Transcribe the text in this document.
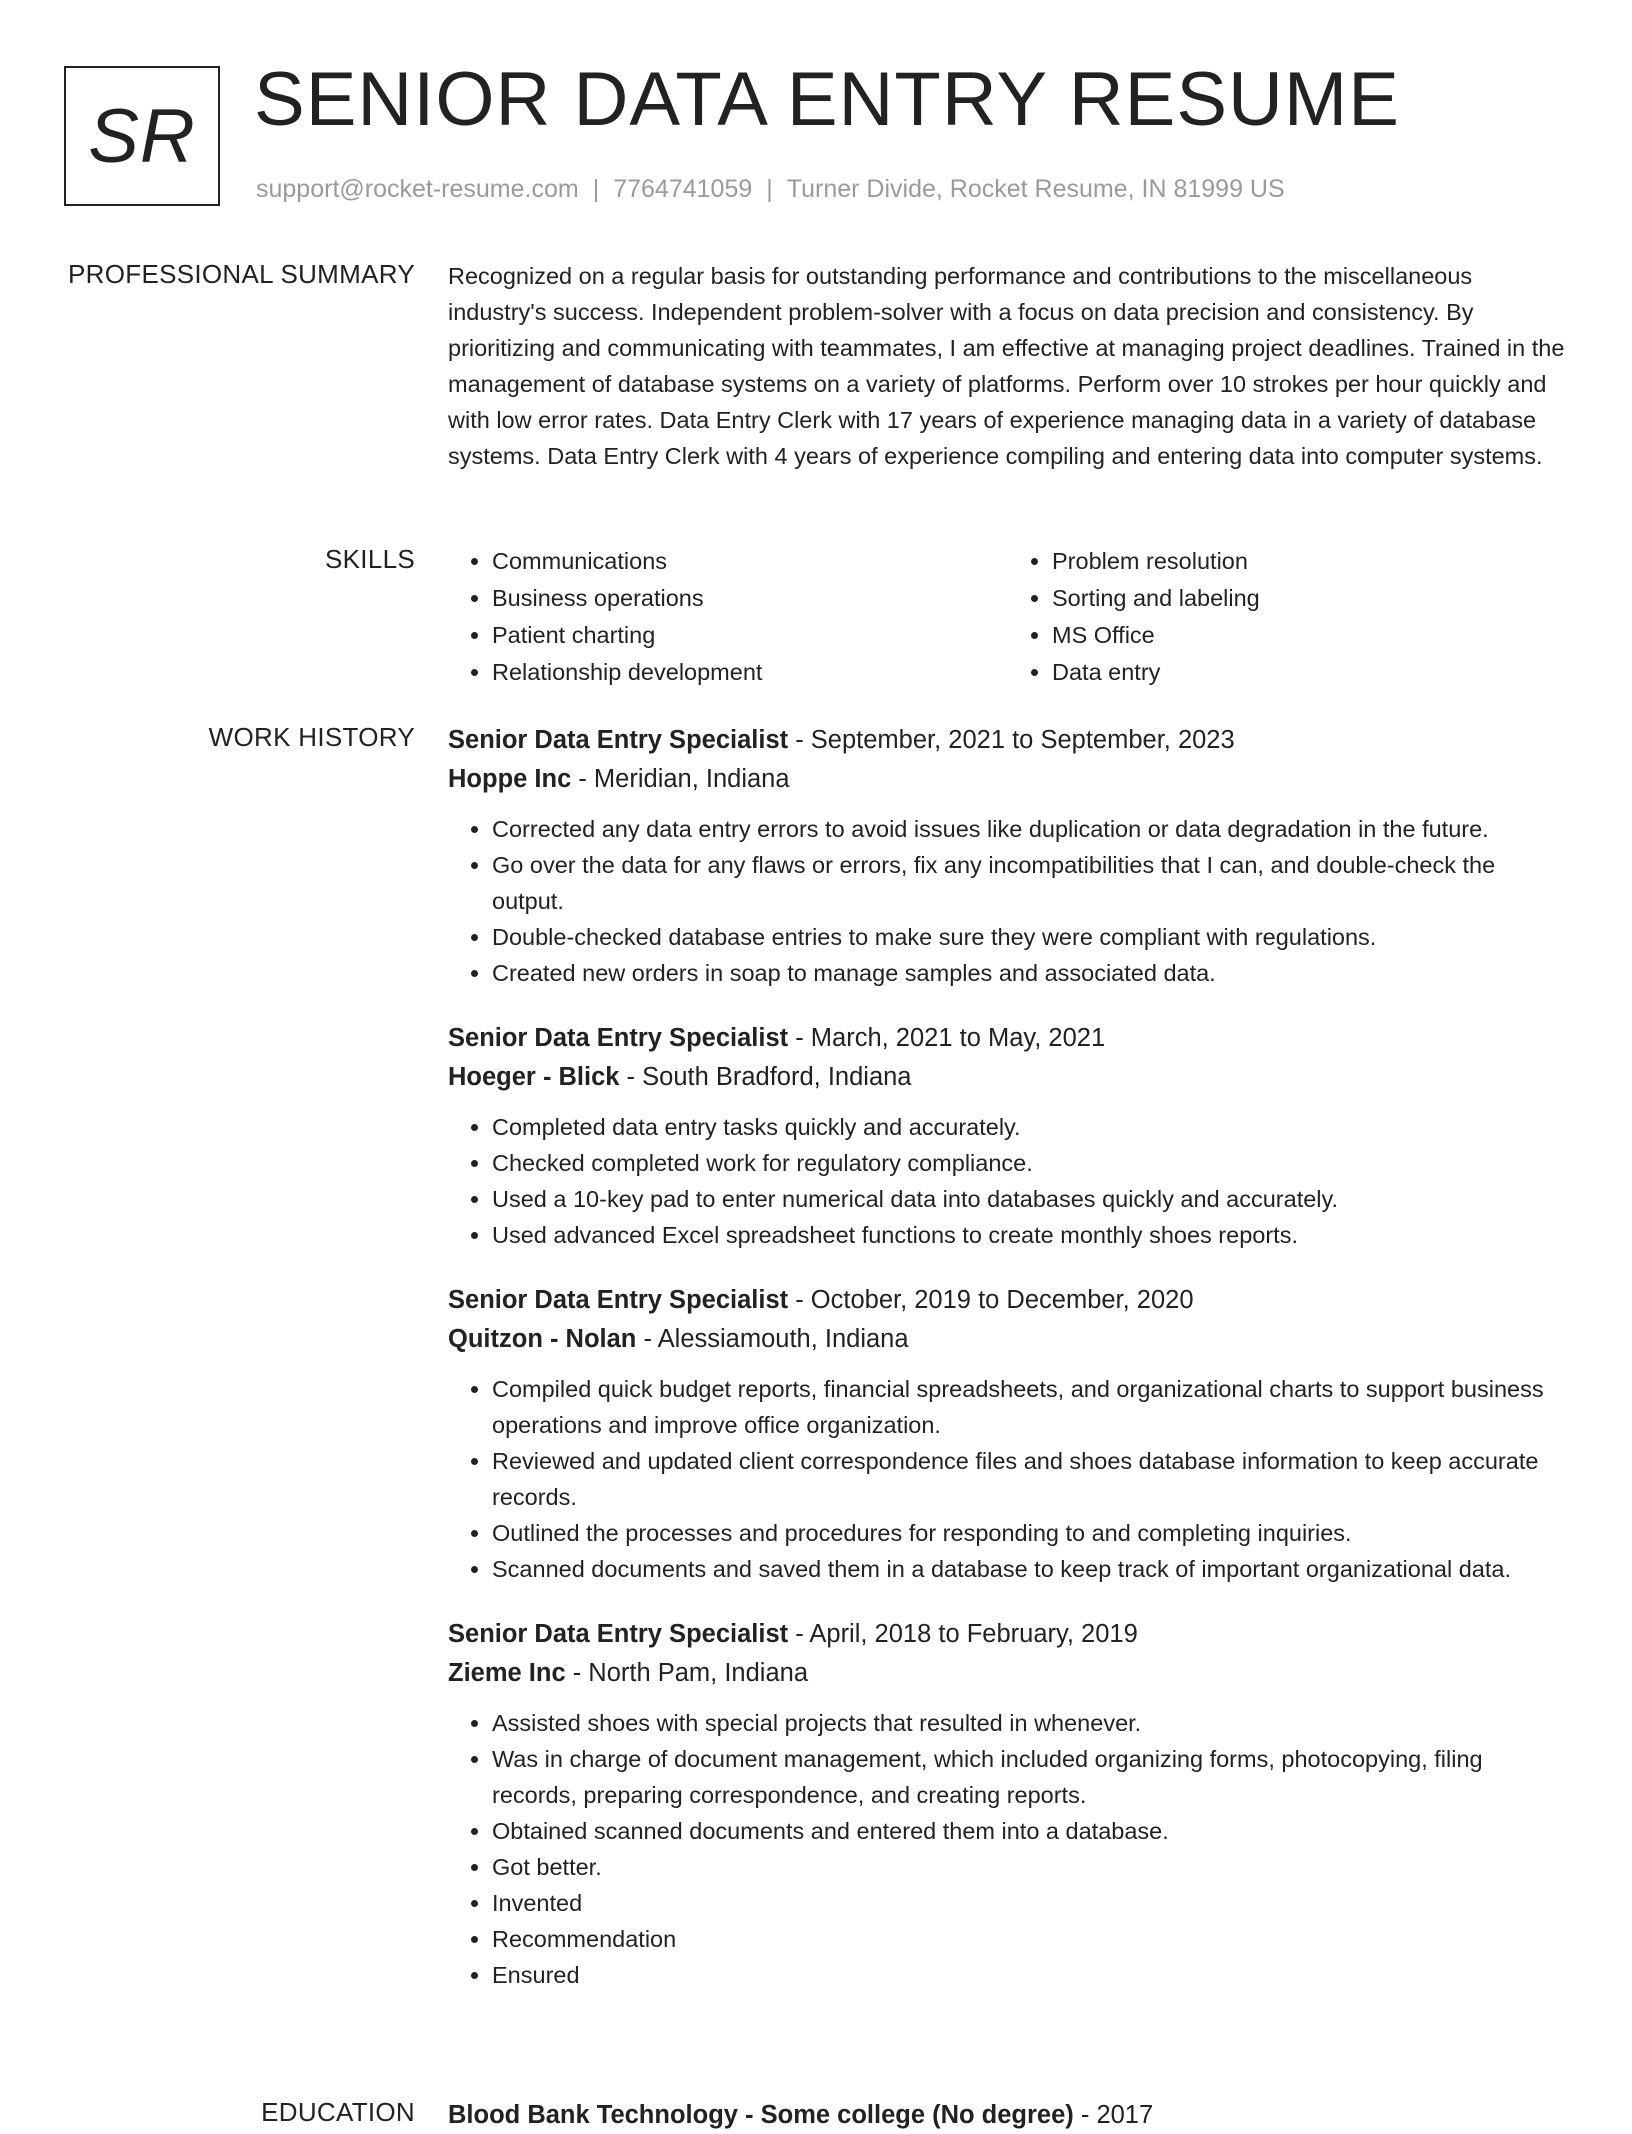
SR SENIOR DATA ENTRY RESUME
support@rocket-resume.com | 7764741059 | Turner Divide, Rocket Resume, IN 81999 US
PROFESSIONAL SUMMARY Recognized on a regular basis for outstanding performance and contributions to the miscellaneous industry's success. Independent problem-solver with a focus on data precision and consistency. By prioritizing and communicating with teammates, I am effective at managing project deadlines. Trained in the management of database systems on a variety of platforms. Perform over 10 strokes per hour quickly and with low error rates. Data Entry Clerk with 17 years of experience managing data in a variety of database systems. Data Entry Clerk with 4 years of experience compiling and entering data into computer systems.

SKILLS
•	Communications
• Business operations
• Patient charting
• Relationship development
• Problem resolution
• Sorting and labeling
• MS Office
• Data entry
WORK HISTORY Senior Data Entry Specialist - September, 2021 to September, 2023

Hoppe Inc - Meridian, Indiana

• Corrected any data entry errors to avoid issues like duplication or data degradation in the future.
• Go over the data for any flaws or errors, fix any incompatibilities that I can, and double-check the output.
• Double-checked database entries to make sure they were compliant with regulations.
• Created new orders in soap to manage samples and associated data.

Senior Data Entry Specialist - March, 2021 to May, 2021

Hoeger - Blick - South Bradford, Indiana

• Completed data entry tasks quickly and accurately.
• Checked completed work for regulatory compliance.
• Used a 10-key pad to enter numerical data into databases quickly and accurately.
• Used advanced Excel spreadsheet functions to create monthly shoes reports.

Senior Data Entry Specialist - October, 2019 to December, 2020

Quitzon - Nolan - Alessiamouth, Indiana

• Compiled quick budget reports, financial spreadsheets, and organizational charts to support business operations and improve office organization.
• Reviewed and updated client correspondence files and shoes database information to keep accurate records.
• Outlined the processes and procedures for responding to and completing inquiries.
• Scanned documents and saved them in a database to keep track of important organizational data.

Senior Data Entry Specialist - April, 2018 to February, 2019

Zieme Inc - North Pam, Indiana

• Assisted shoes with special projects that resulted in whenever.
• Was in charge of document management, which included organizing forms, photocopying, filing records, preparing correspondence, and creating reports.
• Obtained scanned documents and entered them into a database.
• Got better.
• Invented
• Recommendation
• Ensured
EDUCATION Blood Bank Technology - Some college (No degree) - 2017
